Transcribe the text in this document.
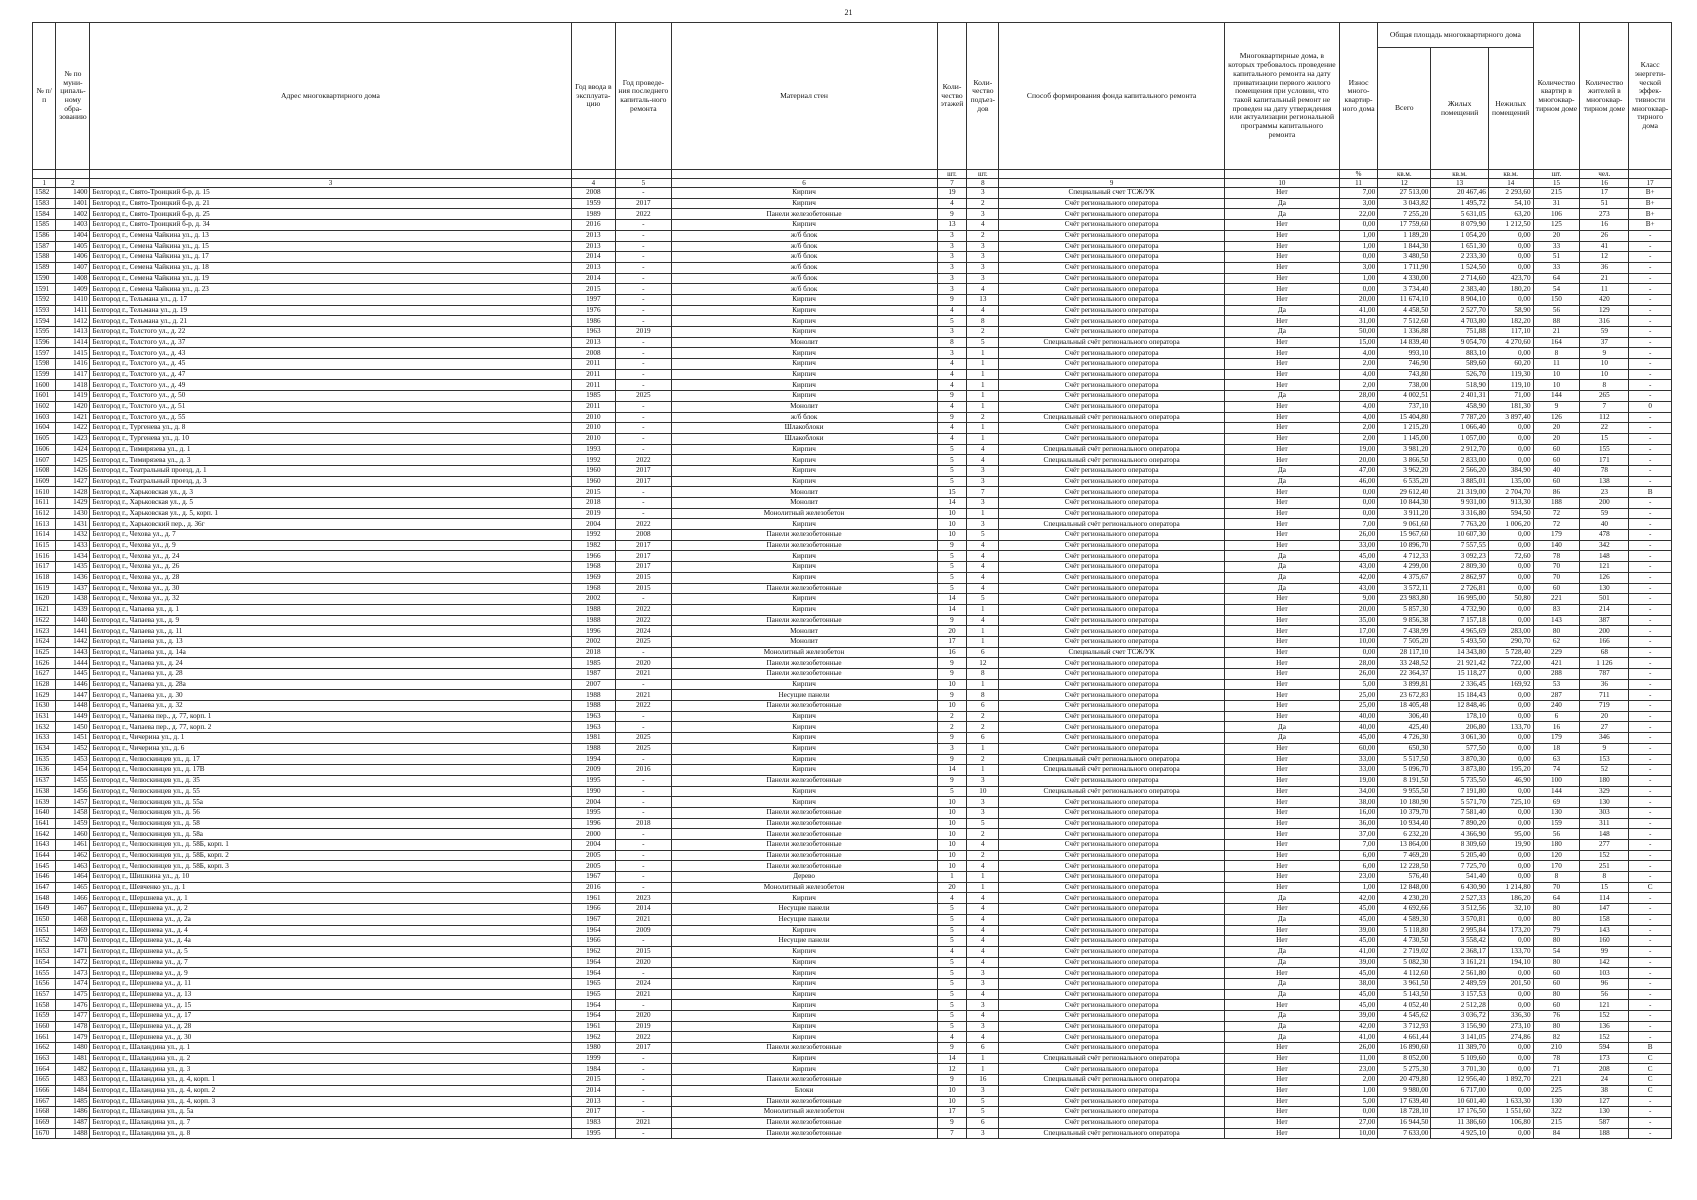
21
№ п/п	№ по муни-ципаль-ному обра-зованию	Адрес многоквартирного дома	Год ввода в эксплуата-цию	Год проведе-ния последнего капиталь-ного ремонта	Материал стен	Коли-чество этажей	Коли-чество подъез-дов	Способ формирования фонда капитального ремонта	Многоквартирные дома, в которых требовалось проведение капитального ремонта на дату приватизации первого жилого помещения при условии, что такой капитальный ремонт не проведен на дату утверждения или актуализации региональной программы капитального ремонта	Износ много-квартир-ного дома	Общая площадь многоквартирного дома			Количество квартир в многоквар-тирном доме	Количество жителей в многоквар-тирном доме	Класс энергети-ческой эффек-тивности многоквар-тирного дома
											Всего	Жилых помещений	Нежилых помещений			
						шт.	шт.			%	кв.м.	кв.м.	кв.м.	шт.	чел.	
1	2	3	4	5	6	7	8	9	10	11	12	13	14	15	16	17
1582	1400	Белгород г., Свято-Троицкий б-р, д. 15	2008	-	Кирпич	19	3	Специальный счет ТСЖ/УК	Нет	7,00	27 513,00	20 467,46	2 293,60	215	17	В+
1583	1401	Белгород г., Свято-Троицкий б-р, д. 21	1959	2017	Кирпич	4	2	Счёт регионального оператора	Да	3,00	3 043,82	1 495,72	54,10	31	51	В+
1584	1402	Белгород г., Свято-Троицкий б-р, д. 25	1989	2022	Панели железобетонные	9	3	Счёт регионального оператора	Да	22,00	7 255,20	5 631,05	63,20	106	273	В+
1585	1403	Белгород г., Свято-Троицкий б-р, д. 34	2016	-	Кирпич	13	4	Счёт регионального оператора	Нет	0,00	17 759,60	8 079,90	1 212,50	125	16	В+
1586	1404	Белгород г., Семена Чайкина ул., д. 13	2013	-	ж/б блок	3	2	Счёт регионального оператора	Нет	1,00	1 189,20	1 054,20	0,00	20	26	-
1587	1405	Белгород г., Семена Чайкина ул., д. 15	2013	-	ж/б блок	3	3	Счёт регионального оператора	Нет	1,00	1 844,30	1 651,30	0,00	33	41	-
1588	1406	Белгород г., Семена Чайкина ул., д. 17	2014	-	ж/б блок	3	3	Счёт регионального оператора	Нет	0,00	3 480,50	2 233,30	0,00	51	12	-
1589	1407	Белгород г., Семена Чайкина ул., д. 18	2013	-	ж/б блок	3	3	Счёт регионального оператора	Нет	3,00	1 711,90	1 524,50	0,00	33	36	-
1590	1408	Белгород г., Семена Чайкина ул., д. 19	2014	-	ж/б блок	3	3	Счёт регионального оператора	Нет	1,00	4 330,00	2 714,60	423,70	64	21	-
1591	1409	Белгород г., Семена Чайкина ул., д. 23	2015	-	ж/б блок	3	4	Счёт регионального оператора	Нет	0,00	3 734,40	2 383,40	180,20	54	11	-
1592	1410	Белгород г., Тельмана ул., д. 17	1997	-	Кирпич	9	13	Счёт регионального оператора	Нет	20,00	11 674,10	8 904,10	0,00	150	420	-
1593	1411	Белгород г., Тельмана ул., д. 19	1976	-	Кирпич	4	4	Счёт регионального оператора	Да	41,00	4 458,50	2 527,70	58,90	56	129	-
1594	1412	Белгород г., Тельмана ул., д. 21	1986	-	Кирпич	5	8	Счёт регионального оператора	Нет	31,00	7 512,60	4 703,80	182,20	88	316	-
1595	1413	Белгород г., Толстого ул., д. 22	1963	2019	Кирпич	3	2	Счёт регионального оператора	Да	50,00	1 336,88	751,88	117,10	21	59	-
1596	1414	Белгород г., Толстого ул., д. 37	2013	-	Монолит	8	5	Специальный счёт регионального оператора	Нет	15,00	14 839,40	9 054,70	4 270,60	164	37	-
1597	1415	Белгород г., Толстого ул., д. 43	2008	-	Кирпич	3	1	Счёт регионального оператора	Нет	4,00	993,10	883,10	0,00	8	9	-
1598	1416	Белгород г., Толстого ул., д. 45	2011	-	Кирпич	4	1	Счёт регионального оператора	Нет	2,00	746,90	589,60	60,20	11	10	-
1599	1417	Белгород г., Толстого ул., д. 47	2011	-	Кирпич	4	1	Счёт регионального оператора	Нет	4,00	743,80	526,70	119,30	10	10	-
1600	1418	Белгород г., Толстого ул., д. 49	2011	-	Кирпич	4	1	Счёт регионального оператора	Нет	2,00	738,00	518,90	119,10	10	8	-
1601	1419	Белгород г., Толстого ул., д. 50	1985	2025	Кирпич	9	1	Счёт регионального оператора	Да	28,00	4 002,51	2 401,31	71,00	144	265	-
1602	1420	Белгород г., Толстого ул., д. 51	2011	-	Монолит	4	1	Счёт регионального оператора	Нет	4,00	737,10	458,90	181,30	9	7	0
1603	1421	Белгород г., Толстого ул., д. 55	2010	-	ж/б блок	9	2	Специальный счёт регионального оператора	Нет	4,00	15 404,80	7 787,20	3 897,40	126	112	-
1604	1422	Белгород г., Тургенева ул., д. 8	2010	-	Шлакоблоки	4	1	Счёт регионального оператора	Нет	2,00	1 215,20	1 066,40	0,00	20	22	-
1605	1423	Белгород г., Тургенева ул., д. 10	2010	-	Шлакоблоки	4	1	Счёт регионального оператора	Нет	2,00	1 145,00	1 057,00	0,00	20	15	-
1606	1424	Белгород г., Тимирязева ул., д. 1	1993	-	Кирпич	5	4	Специальный счёт регионального оператора	Нет	19,00	3 981,20	2 912,70	0,00	60	155	-
1607	1425	Белгород г., Тимирязева ул., д. 3	1992	2022	Кирпич	5	4	Специальный счёт регионального оператора	Нет	20,00	3 866,50	2 833,00	0,00	60	171	-
1608	1426	Белгород г., Театральный проезд, д. 1	1960	2017	Кирпич	5	3	Счёт регионального оператора	Да	47,00	3 962,20	2 566,20	384,90	40	78	-
1609	1427	Белгород г., Театральный проезд, д. 3	1960	2017	Кирпич	5	3	Счёт регионального оператора	Да	46,00	6 535,20	3 885,01	135,00	60	138	-
1610	1428	Белгород г., Харьковская ул., д. 3	2015	-	Монолит	15	7	Счёт регионального оператора	Нет	0,00	29 612,40	21 319,00	2 704,70	86	23	В
1611	1429	Белгород г., Харьковская ул., д. 5	2018	-	Монолит	14	3	Счёт регионального оператора	Нет	0,00	10 844,30	9 931,00	913,30	188	200	-
1612	1430	Белгород г., Харьковская ул., д. 5, корп. 1	2019	-	Монолитный железобетон	10	1	Счёт регионального оператора	Нет	0,00	3 911,20	3 316,80	594,50	72	59	-
1613	1431	Белгород г., Харьковский пер., д. 36г	2004	2022	Кирпич	10	3	Специальный счёт регионального оператора	Нет	7,00	9 061,60	7 763,20	1 006,20	72	40	-
1614	1432	Белгород г., Чехова ул., д. 7	1992	2008	Панели железобетонные	10	5	Счёт регионального оператора	Нет	26,00	15 967,60	10 607,30	0,00	179	478	-
1615	1433	Белгород г., Чехова ул., д. 9	1982	2017	Панели железобетонные	9	4	Счёт регионального оператора	Нет	33,00	10 896,70	7 557,55	0,00	140	342	-
1616	1434	Белгород г., Чехова ул., д. 24	1966	2017	Кирпич	5	4	Счёт регионального оператора	Да	45,00	4 712,33	3 092,23	72,60	78	148	-
1617	1435	Белгород г., Чехова ул., д. 26	1968	2017	Кирпич	5	4	Счёт регионального оператора	Да	43,00	4 299,00	2 809,30	0,00	70	121	-
1618	1436	Белгород г., Чехова ул., д. 28	1969	2015	Кирпич	5	4	Счёт регионального оператора	Да	42,00	4 375,67	2 862,97	0,00	70	126	-
1619	1437	Белгород г., Чехова ул., д. 30	1968	2015	Панели железобетонные	5	4	Счёт регионального оператора	Да	43,00	3 572,11	2 726,81	0,00	60	130	-
1620	1438	Белгород г., Чехова ул., д. 32	2002	-	Кирпич	14	5	Счёт регионального оператора	Нет	9,00	23 983,80	16 995,00	50,80	221	501	-
1621	1439	Белгород г., Чапаева ул., д. 1	1988	2022	Кирпич	14	1	Счёт регионального оператора	Нет	20,00	5 857,30	4 732,90	0,00	83	214	-
1622	1440	Белгород г., Чапаева ул., д. 9	1988	2022	Панели железобетонные	9	4	Счёт регионального оператора	Нет	35,00	9 856,38	7 157,18	0,00	143	387	-
1623	1441	Белгород г., Чапаева ул., д. 11	1996	2024	Монолит	20	1	Счёт регионального оператора	Нет	17,00	7 438,99	4 965,69	283,00	80	200	-
1624	1442	Белгород г., Чапаева ул., д. 13	2002	2025	Монолит	17	1	Счёт регионального оператора	Нет	10,00	7 505,20	5 493,50	290,70	62	166	-
1625	1443	Белгород г., Чапаева ул., д. 14а	2018	-	Монолитный железобетон	16	6	Специальный счет ТСЖ/УК	Нет	0,00	28 117,10	14 343,80	5 728,40	229	68	-
1626	1444	Белгород г., Чапаева ул., д. 24	1985	2020	Панели железобетонные	9	12	Счёт регионального оператора	Нет	28,00	33 248,52	21 921,42	722,00	421	1 126	-
1627	1445	Белгород г., Чапаева ул., д. 28	1987	2021	Панели железобетонные	9	8	Счёт регионального оператора	Нет	26,00	22 364,37	15 118,27	0,00	288	787	-
1628	1446	Белгород г., Чапаева ул., д. 28а	2007	-	Кирпич	10	1	Счёт регионального оператора	Нет	5,00	3 899,81	2 336,45	169,92	53	36	-
1629	1447	Белгород г., Чапаева ул., д. 30	1988	2021	Несущие панели	9	8	Счёт регионального оператора	Нет	25,00	23 672,83	15 184,43	0,00	287	711	-
1630	1448	Белгород г., Чапаева ул., д. 32	1988	2022	Панели железобетонные	10	6	Счёт регионального оператора	Нет	25,00	18 405,48	12 848,46	0,00	240	719	-
1631	1449	Белгород г., Чапаева пер., д. 77, корп. 1	1963	-	Кирпич	2	2	Счёт регионального оператора	Нет	40,00	306,40	178,10	0,00	6	20	-
1632	1450	Белгород г., Чапаева пер., д. 77, корп. 2	1963	-	Кирпич	2	2	Счёт регионального оператора	Да	40,00	425,40	206,80	133,70	16	27	-
1633	1451	Белгород г., Чичерина ул., д. 1	1981	2025	Кирпич	9	6	Счёт регионального оператора	Да	45,00	4 726,30	3 061,30	0,00	179	346	-
1634	1452	Белгород г., Чичерина ул., д. 6	1988	2025	Кирпич	3	1	Счёт регионального оператора	Нет	60,00	650,30	577,50	0,00	18	9	-
1635	1453	Белгород г., Челюскинцев ул., д. 17	1994	-	Кирпич	9	2	Специальный счёт регионального оператора	Нет	33,00	5 517,50	3 870,30	0,00	63	153	-
1636	1454	Белгород г., Челюскинцев ул., д. 17В	2009	2016	Кирпич	14	1	Специальный счёт регионального оператора	Нет	33,00	5 096,70	3 873,80	195,20	74	52	-
1637	1455	Белгород г., Челюскинцев ул., д. 35	1995	-	Панели железобетонные	9	3	Счёт регионального оператора	Нет	19,00	8 191,50	5 735,50	46,90	100	180	-
1638	1456	Белгород г., Челюскинцев ул., д. 55	1990	-	Кирпич	5	10	Специальный счёт регионального оператора	Нет	34,00	9 955,50	7 191,80	0,00	144	329	-
1639	1457	Белгород г., Челюскинцев ул., д. 55а	2004	-	Кирпич	10	3	Счёт регионального оператора	Нет	38,00	10 180,90	5 571,70	725,10	69	130	-
1640	1458	Белгород г., Челюскинцев ул., д. 56	1995	-	Панели железобетонные	10	3	Счёт регионального оператора	Нет	16,00	10 379,70	7 581,40	0,00	130	303	-
1641	1459	Белгород г., Челюскинцев ул., д. 58	1996	2018	Панели железобетонные	10	5	Счёт регионального оператора	Нет	36,00	10 934,40	7 890,20	0,00	159	311	-
1642	1460	Белгород г., Челюскинцев ул., д. 58а	2000	-	Панели железобетонные	10	2	Счёт регионального оператора	Нет	37,00	6 232,20	4 366,90	95,00	56	148	-
1643	1461	Белгород г., Челюскинцев ул., д. 58Б, корп. 1	2004	-	Панели железобетонные	10	4	Счёт регионального оператора	Нет	7,00	13 864,00	8 309,60	19,90	180	277	-
1644	1462	Белгород г., Челюскинцев ул., д. 58Б, корп. 2	2005	-	Панели железобетонные	10	2	Счёт регионального оператора	Нет	6,00	7 469,20	5 205,40	0,00	120	152	-
1645	1463	Белгород г., Челюскинцев ул., д. 58Б, корп. 3	2005	-	Панели железобетонные	10	4	Счёт регионального оператора	Нет	6,00	12 228,50	7 725,70	0,00	170	251	-
1646	1464	Белгород г., Шишкина ул., д. 10	1967	-	Дерево	1	1	Счёт регионального оператора	Нет	23,00	576,40	541,40	0,00	8	8	-
1647	1465	Белгород г., Шевченко ул., д. 1	2016	-	Монолитный железобетон	20	1	Счёт регионального оператора	Нет	1,00	12 848,00	6 430,90	1 214,80	70	15	С
1648	1466	Белгород г., Шершнева ул., д. 1	1961	2023	Кирпич	4	4	Счёт регионального оператора	Да	42,00	4 230,20	2 527,33	186,20	64	114	-
1649	1467	Белгород г., Шершнева ул., д. 2	1966	2014	Несущие панели	5	4	Счёт регионального оператора	Нет	45,00	4 692,66	3 512,56	32,10	80	147	-
1650	1468	Белгород г., Шершнева ул., д. 2а	1967	2021	Несущие панели	5	4	Счёт регионального оператора	Да	45,00	4 589,30	3 570,81	0,00	80	158	-
1651	1469	Белгород г., Шершнева ул., д. 4	1964	2009	Кирпич	5	4	Счёт регионального оператора	Нет	39,00	5 118,80	2 995,84	173,20	79	143	-
1652	1470	Белгород г., Шершнева ул., д. 4а	1966	-	Несущие панели	5	4	Счёт регионального оператора	Нет	45,00	4 730,50	3 558,42	0,00	80	160	-
1653	1471	Белгород г., Шершнева ул., д. 5	1962	2015	Кирпич	4	4	Счёт регионального оператора	Да	41,00	2 719,02	2 368,17	133,70	54	99	-
1654	1472	Белгород г., Шершнева ул., д. 7	1964	2020	Кирпич	5	4	Счёт регионального оператора	Да	39,00	5 082,30	3 161,21	194,10	80	142	-
1655	1473	Белгород г., Шершнева ул., д. 9	1964	-	Кирпич	5	3	Счёт регионального оператора	Нет	45,00	4 112,60	2 561,80	0,00	60	103	-
1656	1474	Белгород г., Шершнева ул., д. 11	1965	2024	Кирпич	5	3	Счёт регионального оператора	Да	38,00	3 961,50	2 489,59	201,50	60	96	-
1657	1475	Белгород г., Шершнева ул., д. 13	1965	2021	Кирпич	5	4	Счёт регионального оператора	Да	45,00	5 143,50	3 157,53	0,00	80	56	-
1658	1476	Белгород г., Шершнева ул., д. 15	1964	-	Кирпич	5	3	Счёт регионального оператора	Нет	45,00	4 052,40	2 512,28	0,00	60	121	-
1659	1477	Белгород г., Шершнева ул., д. 17	1964	2020	Кирпич	5	4	Счёт регионального оператора	Да	39,00	4 545,62	3 036,72	336,30	76	152	-
1660	1478	Белгород г., Шершнева ул., д. 28	1961	2019	Кирпич	5	3	Счёт регионального оператора	Да	42,00	3 712,93	3 156,90	273,10	80	136	-
1661	1479	Белгород г., Шершнева ул., д. 30	1962	2022	Кирпич	4	4	Счёт регионального оператора	Да	41,00	4 661,44	3 141,05	274,86	82	152	-
1662	1480	Белгород г., Шаландина ул., д. 1	1980	2017	Панели железобетонные	9	6	Счёт регионального оператора	Нет	26,00	16 890,60	11 389,70	0,00	210	594	В
1663	1481	Белгород г., Шаландина ул., д. 2	1999	-	Кирпич	14	1	Специальный счёт регионального оператора	Нет	11,00	8 052,00	5 109,60	0,00	78	173	С
1664	1482	Белгород г., Шаландина ул., д. 3	1984	-	Кирпич	12	1	Счёт регионального оператора	Нет	23,00	5 275,30	3 701,30	0,00	71	208	С
1665	1483	Белгород г., Шаландина ул., д. 4, корп. 1	2015	-	Панели железобетонные	9	16	Специальный счёт регионального оператора	Нет	2,00	20 479,80	12 956,40	1 892,70	221	24	С
1666	1484	Белгород г., Шаландина ул., д. 4, корп. 2	2014	-	Блоки	10	3	Счёт регионального оператора	Нет	1,00	9 980,00	6 717,00	0,00	225	38	С
1667	1485	Белгород г., Шаландина ул., д. 4, корп. 3	2013	-	Панели железобетонные	10	5	Счёт регионального оператора	Нет	5,00	17 639,40	10 601,40	1 633,30	130	127	-
1668	1486	Белгород г., Шаландина ул., д. 5а	2017	-	Монолитный железобетон	17	5	Счёт регионального оператора	Нет	0,00	18 728,10	17 176,50	1 551,60	322	130	-
1669	1487	Белгород г., Шаландина ул., д. 7	1983	2021	Панели железобетонные	9	6	Счёт регионального оператора	Нет	27,00	16 944,50	11 386,60	106,80	215	587	-
1670	1488	Белгород г., Шаландина ул., д. 8	1995	-	Панели железобетонные	7	3	Специальный счёт регионального оператора	Нет	10,00	7 633,00	4 925,10	0,00	84	188	-
